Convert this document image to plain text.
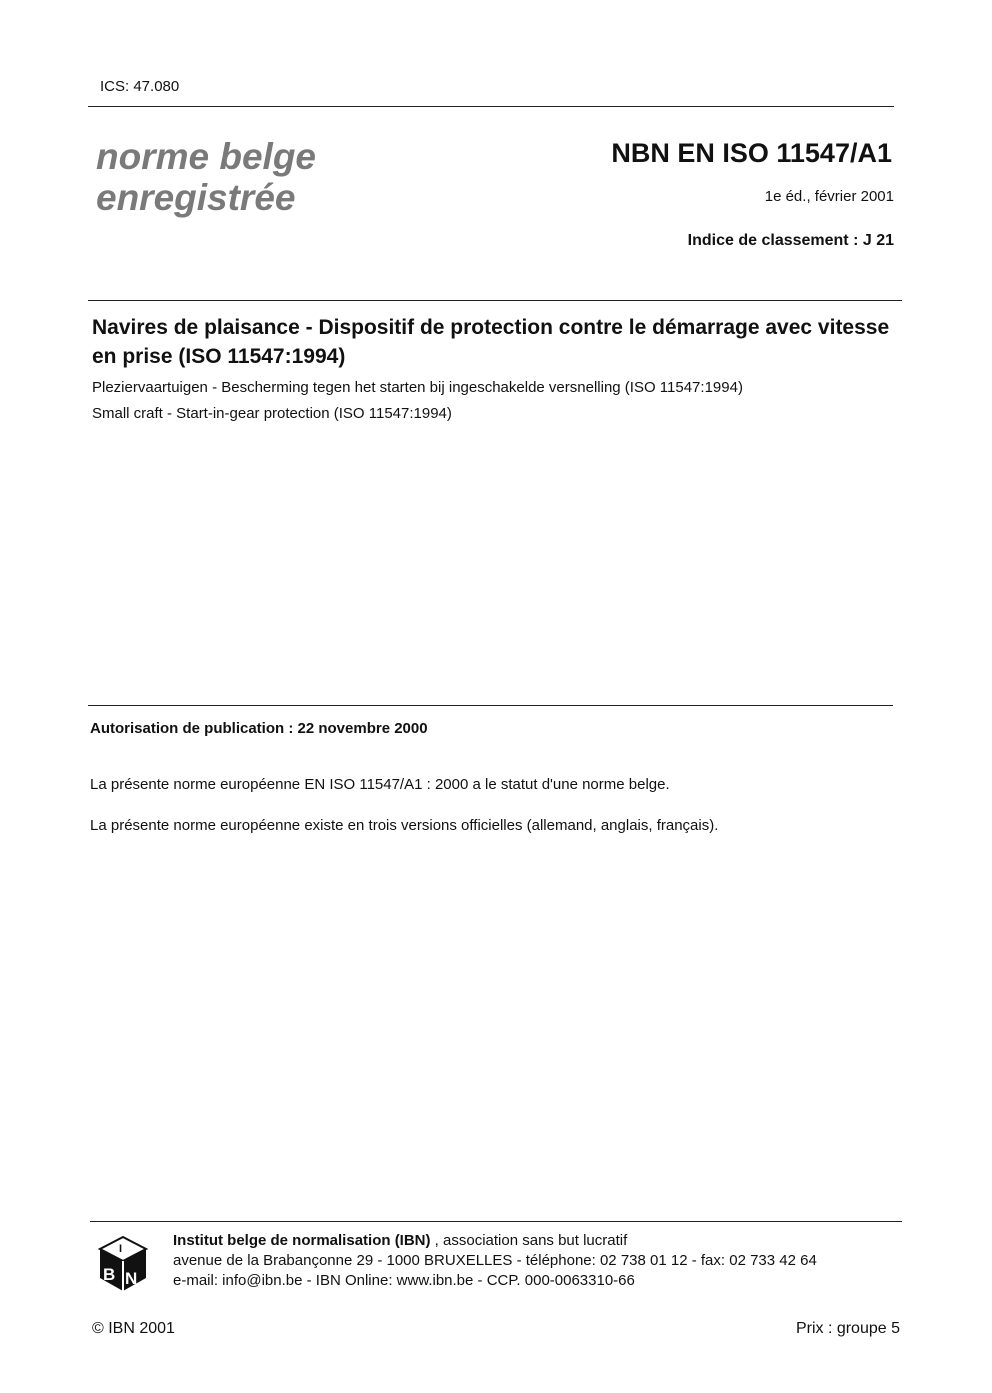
ICS: 47.080
norme belge
enregistrée
NBN EN ISO 11547/A1
1e éd., février 2001
Indice de classement : J 21
Navires de plaisance - Dispositif de protection contre le démarrage avec vitesse en prise (ISO 11547:1994)
Pleziervaartuigen - Bescherming tegen het starten bij ingeschakelde versnelling (ISO 11547:1994)
Small craft - Start-in-gear protection (ISO 11547:1994)
Autorisation de publication : 22 novembre 2000
La présente norme européenne EN ISO 11547/A1 : 2000 a le statut d'une norme belge.
La présente norme européenne existe en trois versions officielles (allemand, anglais, français).
B N
I	Institut belge de normalisation (IBN) , association sans but lucratif
avenue de la Brabançonne 29 - 1000 BRUXELLES - téléphone: 02 738 01 12 - fax: 02 733 42 64
e-mail: info@ibn.be - IBN Online: www.ibn.be - CCP. 000-0063310-66
© IBN 2001	Prix : groupe 5
